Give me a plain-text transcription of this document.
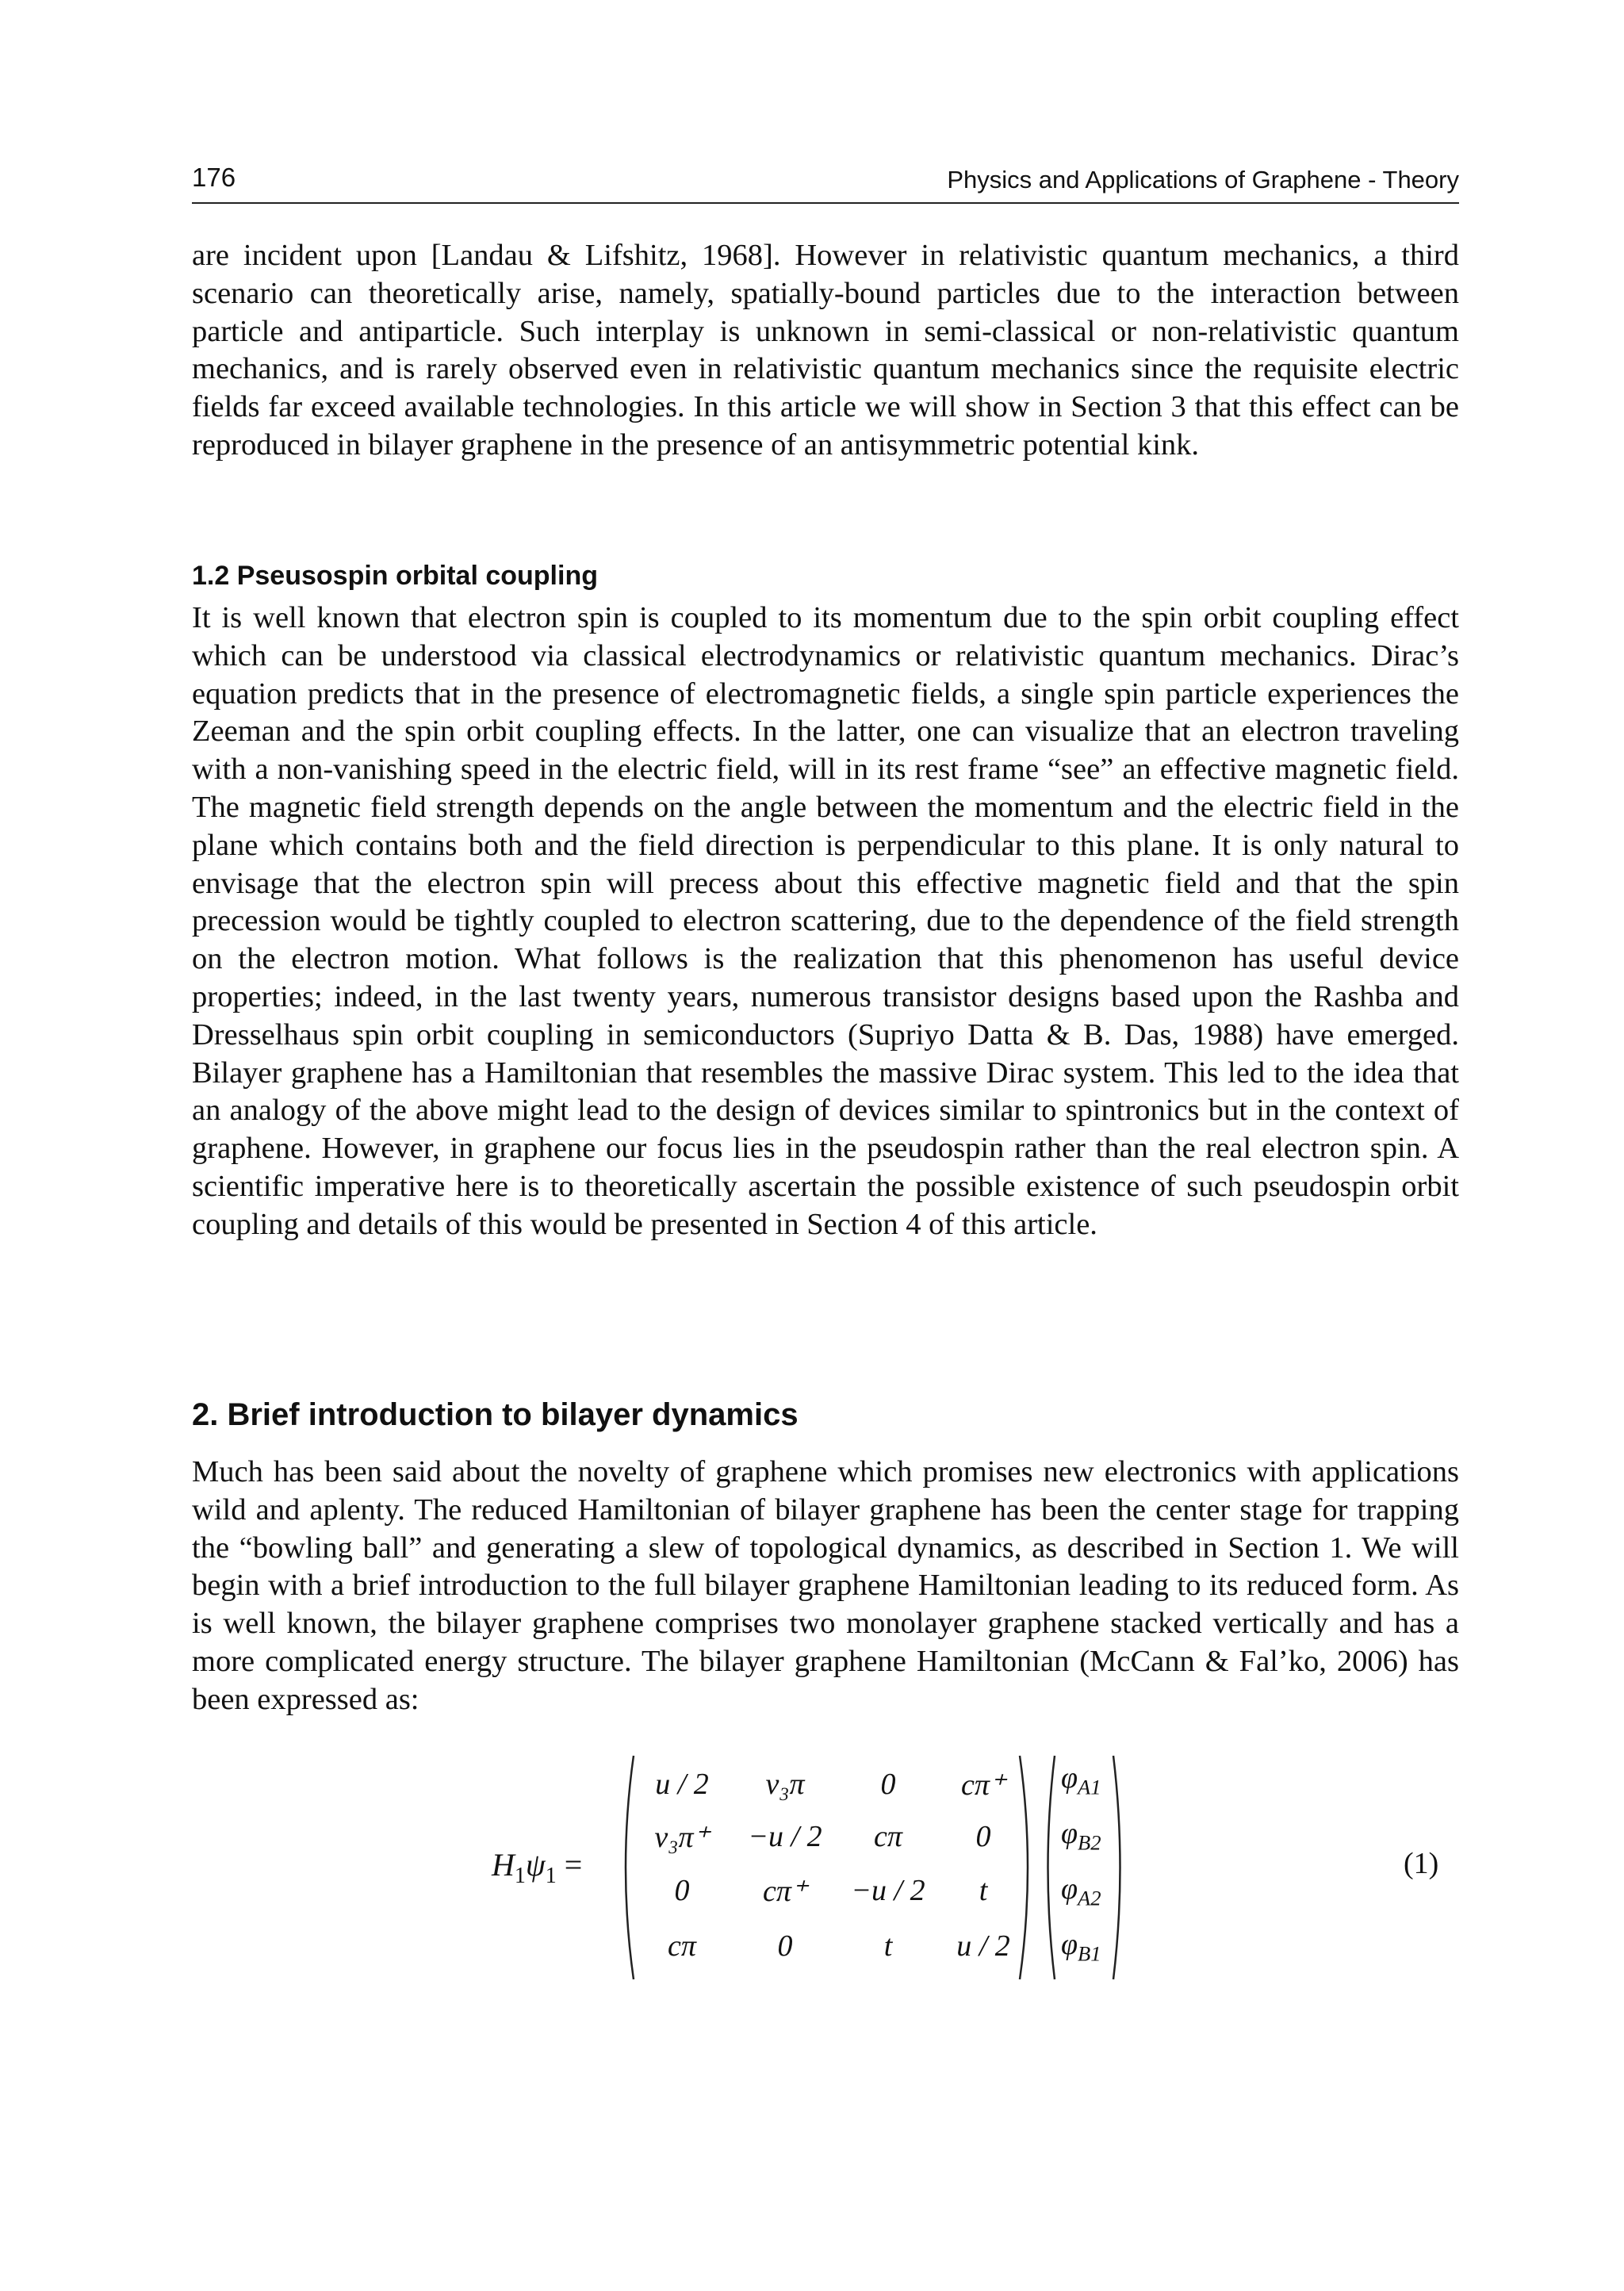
176	Physics and Applications of Graphene - Theory

are incident upon [Landau & Lifshitz, 1968]. However in relativistic quantum mechanics, a third scenario can theoretically arise, namely, spatially-bound particles due to the interaction between particle and antiparticle. Such interplay is unknown in semi-classical or non-relativistic quantum mechanics, and is rarely observed even in relativistic quantum mechanics since the requisite electric fields far exceed available technologies. In this article we will show in Section 3 that this effect can be reproduced in bilayer graphene in the presence of an antisymmetric potential kink.

1.2 Pseusospin orbital coupling

It is well known that electron spin is coupled to its momentum due to the spin orbit coupling effect which can be understood via classical electrodynamics or relativistic quantum mechanics. Dirac’s equation predicts that in the presence of electromagnetic fields, a single spin particle experiences the Zeeman and the spin orbit coupling effects. In the latter, one can visualize that an electron traveling with a non-vanishing speed in the electric field, will in its rest frame “see” an effective magnetic field. The magnetic field strength depends on the angle between the momentum and the electric field in the plane which contains both and the field direction is perpendicular to this plane. It is only natural to envisage that the electron spin will precess about this effective magnetic field and that the spin precession would be tightly coupled to electron scattering, due to the dependence of the field strength on the electron motion. What follows is the realization that this phenomenon has useful device properties; indeed, in the last twenty years, numerous transistor designs based upon the Rashba and Dresselhaus spin orbit coupling in semiconductors (Supriyo Datta & B. Das, 1988) have emerged. Bilayer graphene has a Hamiltonian that resembles the massive Dirac system. This led to the idea that an analogy of the above might lead to the design of devices similar to spintronics but in the context of graphene. However, in graphene our focus lies in the pseudospin rather than the real electron spin. A scientific imperative here is to theoretically ascertain the possible existence of such pseudospin orbit coupling and details of this would be presented in Section 4 of this article.

2. Brief introduction to bilayer dynamics

Much has been said about the novelty of graphene which promises new electronics with applications wild and aplenty. The reduced Hamiltonian of bilayer graphene has been the center stage for trapping the “bowling ball” and generating a slew of topological dynamics, as described in Section 1. We will begin with a brief introduction to the full bilayer graphene Hamiltonian leading to its reduced form. As is well known, the bilayer graphene comprises two monolayer graphene stacked vertically and has a more complicated energy structure. The bilayer graphene Hamiltonian (McCann & Fal’ko, 2006) has been expressed as:

$H_1\psi_1$ =
u / 2	v₃π	0	cπ⁺
v₃π⁺	−u / 2	cπ	0
0	cπ⁺	−u / 2	t
cπ	0	t	u / 2
$\varphi_{A1}$
$\varphi_{B2}$
$\varphi_{A2}$
$\varphi_{B1}$
(1)
